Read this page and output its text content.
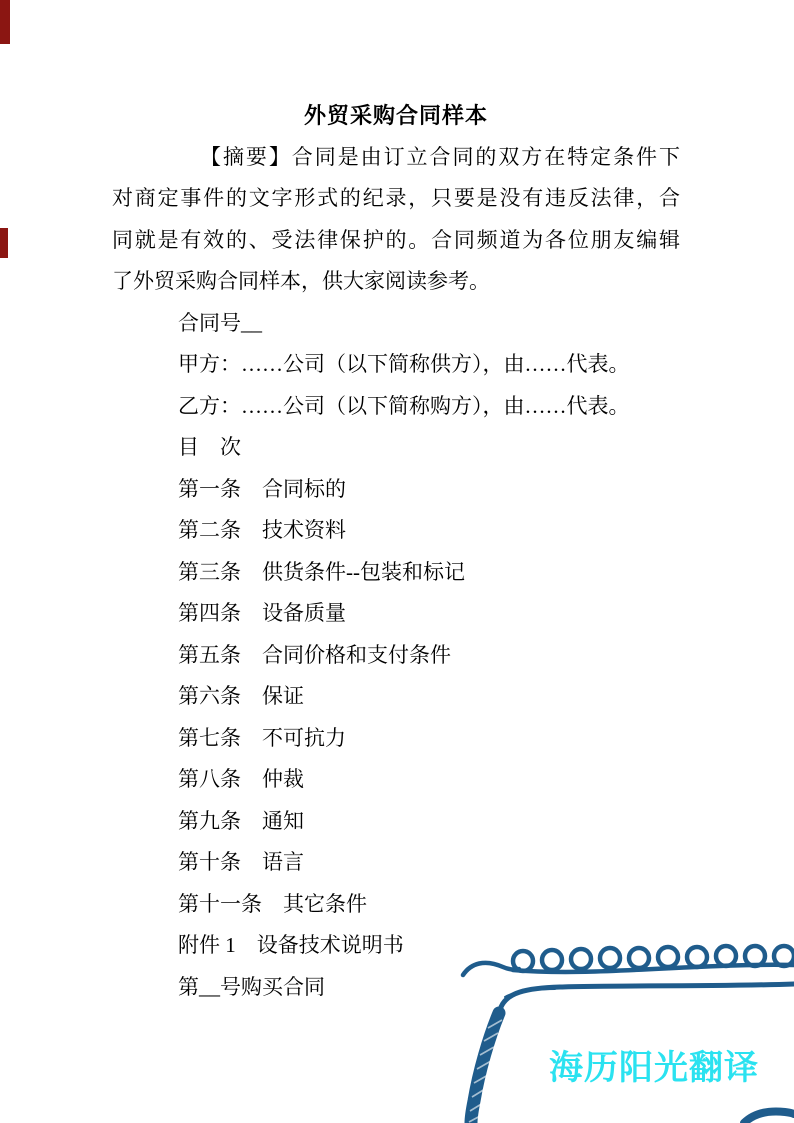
外贸采购合同样本
【摘要】合同是由订立合同的双方在特定条件下
对商定事件的文字形式的纪录，只要是没有违反法律，合
同就是有效的、受法律保护的。合同频道为各位朋友编辑
了外贸采购合同样本，供大家阅读参考。
合同号__
甲方：……公司（以下简称供方），由……代表。
乙方：……公司（以下简称购方），由……代表。
目　次
第一条　合同标的
第二条　技术资料
第三条　供货条件--包装和标记
第四条　设备质量
第五条　合同价格和支付条件
第六条　保证
第七条　不可抗力
第八条　仲裁
第九条　通知
第十条　语言
第十一条　其它条件
附件 1　设备技术说明书
第__号购买合同
海历阳光翻译
